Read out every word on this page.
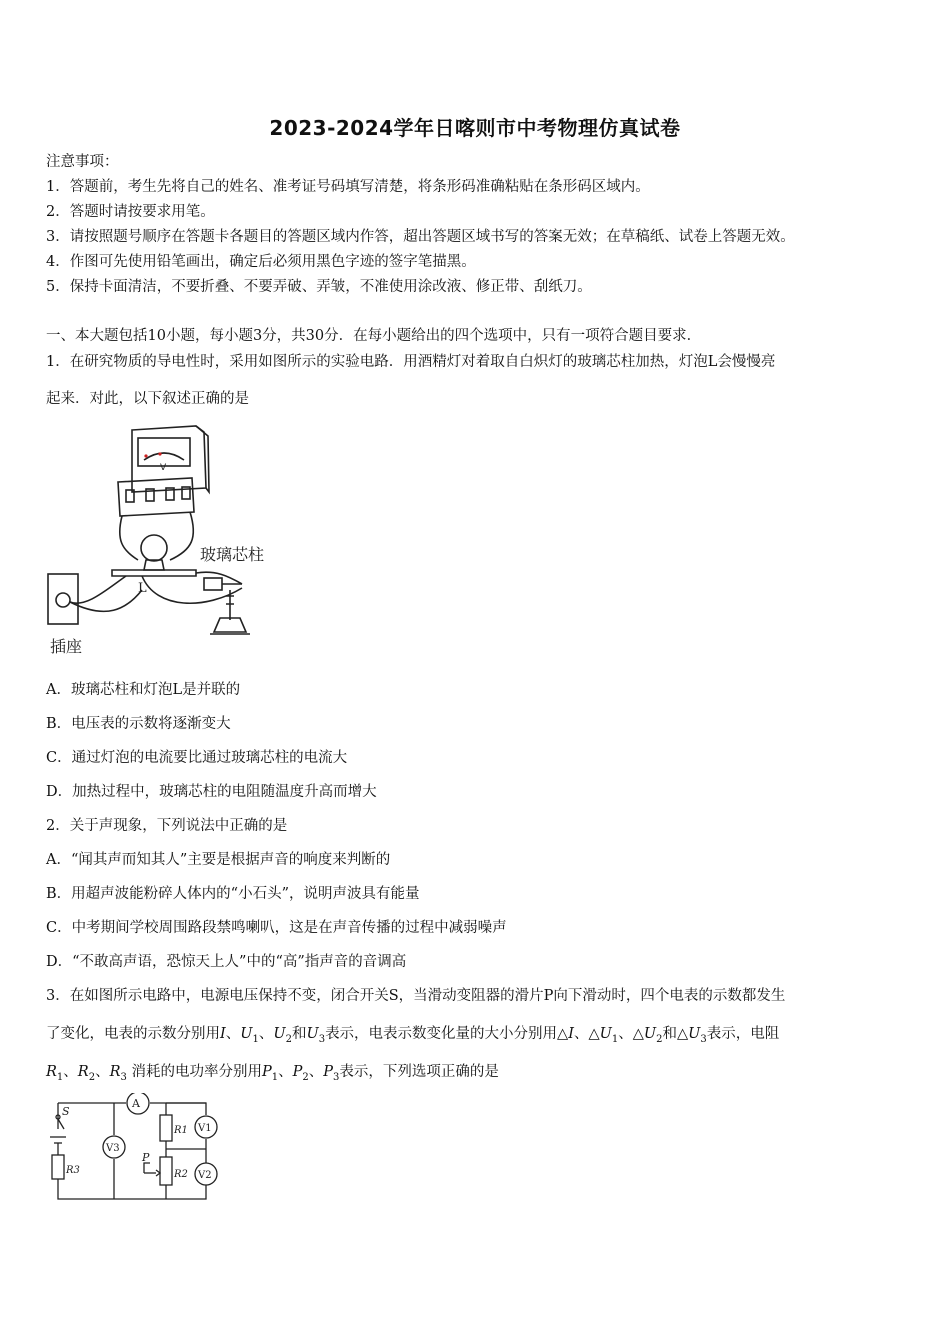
2023-2024学年日喀则市中考物理仿真试卷
注意事项：
1．答题前，考生先将自己的姓名、准考证号码填写清楚，将条形码准确粘贴在条形码区域内。
2．答题时请按要求用笔。
3．请按照题号顺序在答题卡各题目的答题区域内作答，超出答题区域书写的答案无效；在草稿纸、试卷上答题无效。
4．作图可先使用铅笔画出，确定后必须用黑色字迹的签字笔描黑。
5．保持卡面清洁，不要折叠、不要弄破、弄皱，不准使用涂改液、修正带、刮纸刀。
一、本大题包括10小题，每小题3分，共30分．在每小题给出的四个选项中，只有一项符合题目要求．
1．在研究物质的导电性时，采用如图所示的实验电路．用酒精灯对着取自白炽灯的玻璃芯柱加热，灯泡L会慢慢亮
起来．对此，以下叙述正确的是
V
玻璃芯柱
L
插座
A．玻璃芯柱和灯泡L是并联的
B．电压表的示数将逐渐变大
C．通过灯泡的电流要比通过玻璃芯柱的电流大
D．加热过程中，玻璃芯柱的电阻随温度升高而增大
2．关于声现象，下列说法中正确的是
A．“闻其声而知其人”主要是根据声音的响度来判断的
B．用超声波能粉碎人体内的“小石头”，说明声波具有能量
C．中考期间学校周围路段禁鸣喇叭，这是在声音传播的过程中减弱噪声
D．“不敢高声语，恐惊天上人”中的“高”指声音的音调高
3．在如图所示电路中，电源电压保持不变，闭合开关S，当滑动变阻器的滑片P向下滑动时，四个电表的示数都发生
了变化，电表的示数分别用I、$U_1$、$U_2$和$U_3$表示，电表示数变化量的大小分别用△I、$\triangle U_1$、$\triangle U_2$和$\triangle U_3$表示，电阻
$R_1$、$R_2$、$R_3$ 消耗的电功率分别用$P_1$、$P_2$、$P_3$表示，下列选项正确的是
S
A
V3
R1 V1
P
R2 V2
R3
